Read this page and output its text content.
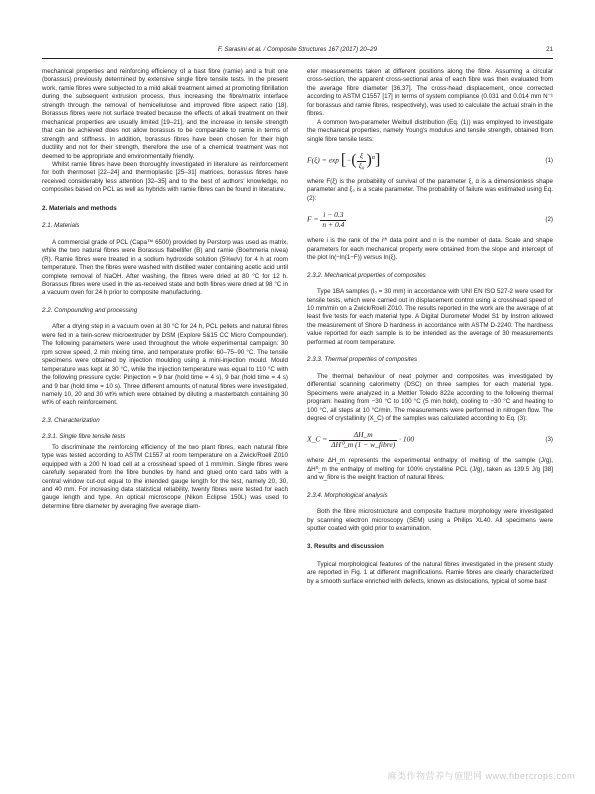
F. Sarasini et al. / Composite Structures 167 (2017) 20–29	21

mechanical properties and reinforcing efficiency of a bast fibre (ramie) and a fruit one (borassus) previously determined by extensive single fibre tensile tests. In the present work, ramie fibres were subjected to a mild alkali treatment aimed at promoting fibrillation during the subsequent extrusion process, thus increasing the fibre/matrix interface strength through the removal of hemicellulose and improved fibre aspect ratio [18]. Borassus fibres were not surface treated because the effects of alkali treatment on their mechanical properties are usually limited [19–21], and the increase in tensile strength that can be achieved does not allow borassus to be comparable to ramie in terms of strength and stiffness. In addition, borassus fibres have been chosen for their high ductility and not for their strength, therefore the use of a chemical treatment was not deemed to be appropriate and environmentally friendly.

Whilst ramie fibres have been thoroughly investigated in literature as reinforcement for both thermoset [22–24] and thermoplastic [25–31] matrices, borassus fibres have received considerably less attention [32–35] and to the best of authors' knowledge, no composites based on PCL as well as hybrids with ramie fibres can be found in literature.

2. Materials and methods
2.1. Materials

A commercial grade of PCL (Capa™ 6500) provided by Perstorp was used as matrix, while the two natural fibres were Borassus flabellifer (B) and ramie (Boehmeria nivea) (R). Ramie fibres were treated in a sodium hydroxide solution (5%w/v) for 4 h at room temperature. Then the fibres were washed with distilled water containing acetic acid until complete removal of NaOH. After washing, the fibres were dried at 80 °C for 12 h. Borassus fibres were used in the as-received state and both fibres were dried at 98 °C in a vacuum oven for 24 h prior to composite manufacturing.

2.2. Compounding and processing

After a drying step in a vacuum oven at 30 °C for 24 h, PCL pellets and natural fibres were fed in a twin-screw microextruder by DSM (Explore 5&15 CC Micro Compounder). The following parameters were used throughout the whole experimental campaign: 30 rpm screw speed, 2 min mixing time, and temperature profile: 60–75–90 °C. The tensile specimens were obtained by injection moulding using a mini-injection mould. Mould temperature was kept at 30 °C, while the injection temperature was equal to 110 °C with the following pressure cycle: Pinjection = 9 bar (hold time = 4 s), 9 bar (hold time = 4 s) and 9 bar (hold time = 10 s). Three different amounts of natural fibres were investigated, namely 10, 20 and 30 wt% which were obtained by diluting a masterbatch containing 30 wt% of each reinforcement.

2.3. Characterization
2.3.1. Single fibre tensile tests

To discriminate the reinforcing efficiency of the two plant fibres, each natural fibre type was tested according to ASTM C1557 at room temperature on a Zwick/Roell Z010 equipped with a 200 N load cell at a crosshead speed of 1 mm/min. Single fibres were carefully separated from the fibre bundles by hand and glued onto card tabs with a central window cut-out equal to the intended gauge length for the test, namely 20, 30, and 40 mm. For increasing data statistical reliability, twenty fibres were tested for each gauge length and type. An optical microscope (Nikon Eclipse 150L) was used to determine fibre diameter by averaging five average diam-

eter measurements taken at different positions along the fibre. Assuming a circular cross-section, the apparent cross-sectional area of each fibre was then evaluated from the average fibre diameter [36,37]. The cross-head displacement, once corrected according to ASTM C1557 [17] in terms of system compliance (0.031 and 0.014 mm N⁻¹ for borassus and ramie fibres, respectively), was used to calculate the actual strain in the fibres.

A common two-parameter Weibull distribution (Eq. (1)) was employed to investigate the mechanical properties, namely Young's modulus and tensile strength, obtained from single fibre tensile tests:

F(ξ) = exp [−( $\frac{\xi}{\text{ξ₀}} )^\alpha$]	(1)

where F(ξ) is the probability of survival of the parameter ξ, α is a dimensionless shape parameter and ξ₀ is a scale parameter. The probability of failure was estimated using Eq. (2):

$F = \frac{i - 0.3}{n + 0.4}$	(2)

where i is the rank of the iᵗʰ data point and n is the number of data. Scale and shape parameters for each mechanical property were obtained from the slope and intercept of the plot ln(−ln(1−F)) versus ln(ξ).

2.3.2. Mechanical properties of composites

Type 1BA samples (l₀ = 30 mm) in accordance with UNI EN ISO 527-2 were used for tensile tests, which were carried out in displacement control using a crosshead speed of 10 mm/min on a Zwick/Roell Z010. The results reported in the work are the average of at least five tests for each material type. A Digital Durometer Model S1 by Instron allowed the measurement of Shore D hardness in accordance with ASTM D-2240. The hardness value reported for each sample is to be intended as the average of 30 measurements performed at room temperature.

2.3.3. Thermal properties of composites

The thermal behaviour of neat polymer and composites was investigated by differential scanning calorimetry (DSC) on three samples for each material type. Specimens were analyzed in a Mettler Toledo 822e according to the following thermal program: heating from −30 °C to 100 °C (5 min hold), cooling to −30 °C and heating to 100 °C, all steps at 10 °C/min. The measurements were performed in nitrogen flow. The degree of crystallinity (X_C) of the samples was calculated according to Eq. (3):

X_C = $\frac{\Delta H\_m}{\text{ΔH⁰\_m (1 − w\_fibre)}} \cdot 100$	(3)

where ΔH_m represents the experimental enthalpy of melting of the sample (J/g), ΔH⁰_m the enthalpy of melting for 100% crystalline PCL (J/g), taken as 139.5 J/g [38] and w_fibre is the weight fraction of natural fibres.

2.3.4. Morphological analysis

Both the fibre microstructure and composite fracture morphology were investigated by scanning electron microscopy (SEM) using a Philips XL40. All specimens were sputter coated with gold prior to examination.

3. Results and discussion

Typical morphological features of the natural fibres investigated in the present study are reported in Fig. 1 at different magnifications. Ramie fibres are clearly characterized by a smooth surface enriched with defects, known as dislocations, typical of some bast

麻类作物营养与施肥网 www.fibercrops.com
